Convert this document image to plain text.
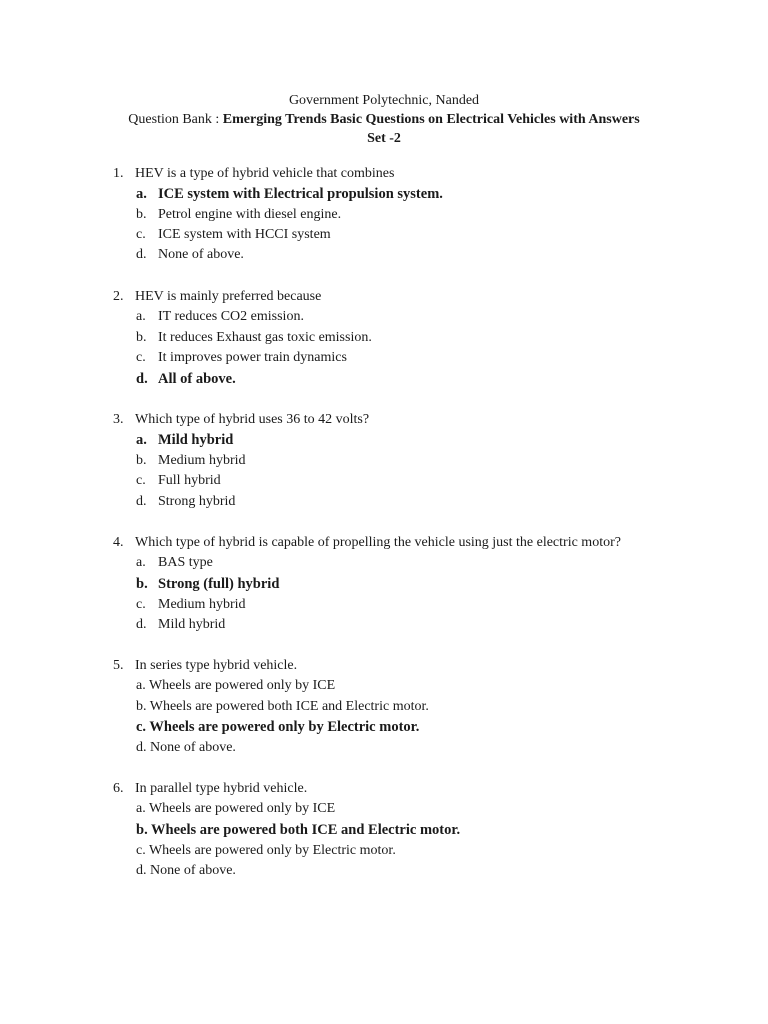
Government Polytechnic, Nanded
Question Bank : Emerging Trends Basic Questions on Electrical Vehicles with Answers
Set -2
1. HEV is a type of hybrid vehicle that combines
a. ICE system with Electrical propulsion system.
b. Petrol engine with diesel engine.
c. ICE system with HCCI system
d. None of above.
2. HEV is mainly preferred because
a. IT reduces CO2 emission.
b. It reduces Exhaust gas toxic emission.
c. It improves power train dynamics
d. All of above.
3. Which type of hybrid uses 36 to 42 volts?
a. Mild hybrid
b. Medium hybrid
c. Full hybrid
d. Strong hybrid
4. Which type of hybrid is capable of propelling the vehicle using just the electric motor?
a. BAS type
b. Strong (full) hybrid
c. Medium hybrid
d. Mild hybrid
5. In series type hybrid vehicle.
a. Wheels are powered only by ICE
b. Wheels are powered both ICE and Electric motor.
c. Wheels are powered only by Electric motor.
d. None of above.
6. In parallel type hybrid vehicle.
a. Wheels are powered only by ICE
b. Wheels are powered both ICE and Electric motor.
c. Wheels are powered only by Electric motor.
d. None of above.
